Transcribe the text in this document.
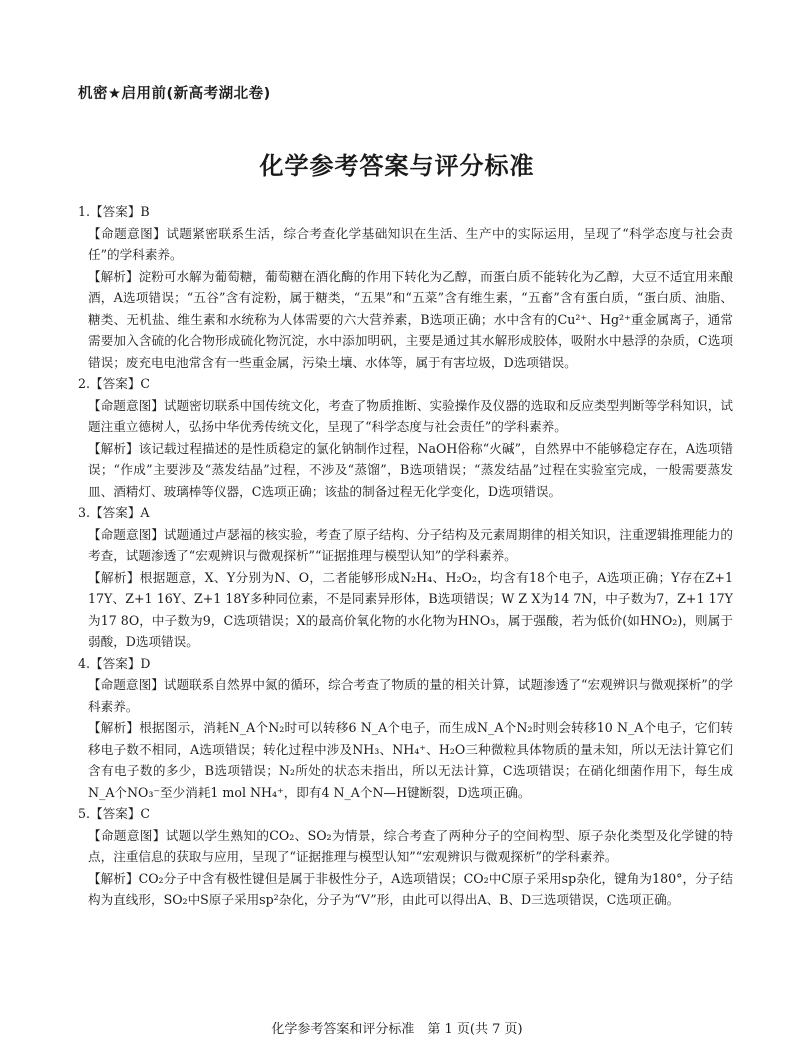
机密★启用前(新高考湖北卷)
化学参考答案与评分标准

1.【答案】B

【命题意图】试题紧密联系生活，综合考查化学基础知识在生活、生产中的实际运用，呈现了“科学态度与社会责任”的学科素养。

【解析】淀粉可水解为葡萄糖，葡萄糖在酒化酶的作用下转化为乙醇，而蛋白质不能转化为乙醇，大豆不适宜用来酿酒，A选项错误；“五谷”含有淀粉，属于糖类，“五果”和“五菜”含有维生素，“五畜”含有蛋白质，“蛋白质、油脂、糖类、无机盐、维生素和水统称为人体需要的六大营养素，B选项正确；水中含有的Cu²⁺、Hg²⁺重金属离子，通常需要加入含硫的化合物形成硫化物沉淀，水中添加明矾，主要是通过其水解形成胶体，吸附水中悬浮的杂质，C选项错误；废充电电池常含有一些重金属，污染土壤、水体等，属于有害垃圾，D选项错误。

2.【答案】C

【命题意图】试题密切联系中国传统文化，考查了物质推断、实验操作及仪器的选取和反应类型判断等学科知识，试题注重立德树人，弘扬中华优秀传统文化，呈现了“科学态度与社会责任”的学科素养。

【解析】该记载过程描述的是性质稳定的氯化钠制作过程，NaOH俗称“火碱”，自然界中不能够稳定存在，A选项错误；“作成”主要涉及“蒸发结晶”过程，不涉及“蒸馏”，B选项错误；“蒸发结晶”过程在实验室完成，一般需要蒸发皿、酒精灯、玻璃棒等仪器，C选项正确；该盐的制备过程无化学变化，D选项错误。

3.【答案】A

【命题意图】试题通过卢瑟福的核实验，考查了原子结构、分子结构及元素周期律的相关知识，注重逻辑推理能力的考查，试题渗透了“宏观辨识与微观探析”“证据推理与模型认知”的学科素养。

【解析】根据题意，X、Y分别为N、O，二者能够形成N₂H₄、H₂O₂，均含有18个电子，A选项正确；Y存在Z+1 17Y、Z+1 16Y、Z+1 18Y多种同位素，不是同素异形体，B选项错误；W Z X为14 7N，中子数为7，Z+1 17Y为17 8O，中子数为9，C选项错误；X的最高价氧化物的水化物为HNO₃，属于强酸，若为低价(如HNO₂)，则属于弱酸，D选项错误。

4.【答案】D

【命题意图】试题联系自然界中氮的循环，综合考查了物质的量的相关计算，试题渗透了“宏观辨识与微观探析”的学科素养。

【解析】根据图示，消耗N_A个N₂时可以转移6 N_A个电子，而生成N_A个N₂时则会转移10 N_A个电子，它们转移电子数不相同，A选项错误；转化过程中涉及NH₃、NH₄⁺、H₂O三种微粒具体物质的量未知，所以无法计算它们含有电子数的多少，B选项错误；N₂所处的状态未指出，所以无法计算，C选项错误；在硝化细菌作用下，每生成N_A个NO₃⁻至少消耗1 mol NH₄⁺，即有4 N_A个N—H键断裂，D选项正确。

5.【答案】C

【命题意图】试题以学生熟知的CO₂、SO₂为情景，综合考查了两种分子的空间构型、原子杂化类型及化学键的特点，注重信息的获取与应用，呈现了“证据推理与模型认知”“宏观辨识与微观探析”的学科素养。

【解析】CO₂分子中含有极性键但是属于非极性分子，A选项错误；CO₂中C原子采用sp杂化，键角为180°，分子结构为直线形，SO₂中S原子采用sp²杂化，分子为“V”形，由此可以得出A、B、D三选项错误，C选项正确。

化学参考答案和评分标准　第 1 页(共 7 页)
